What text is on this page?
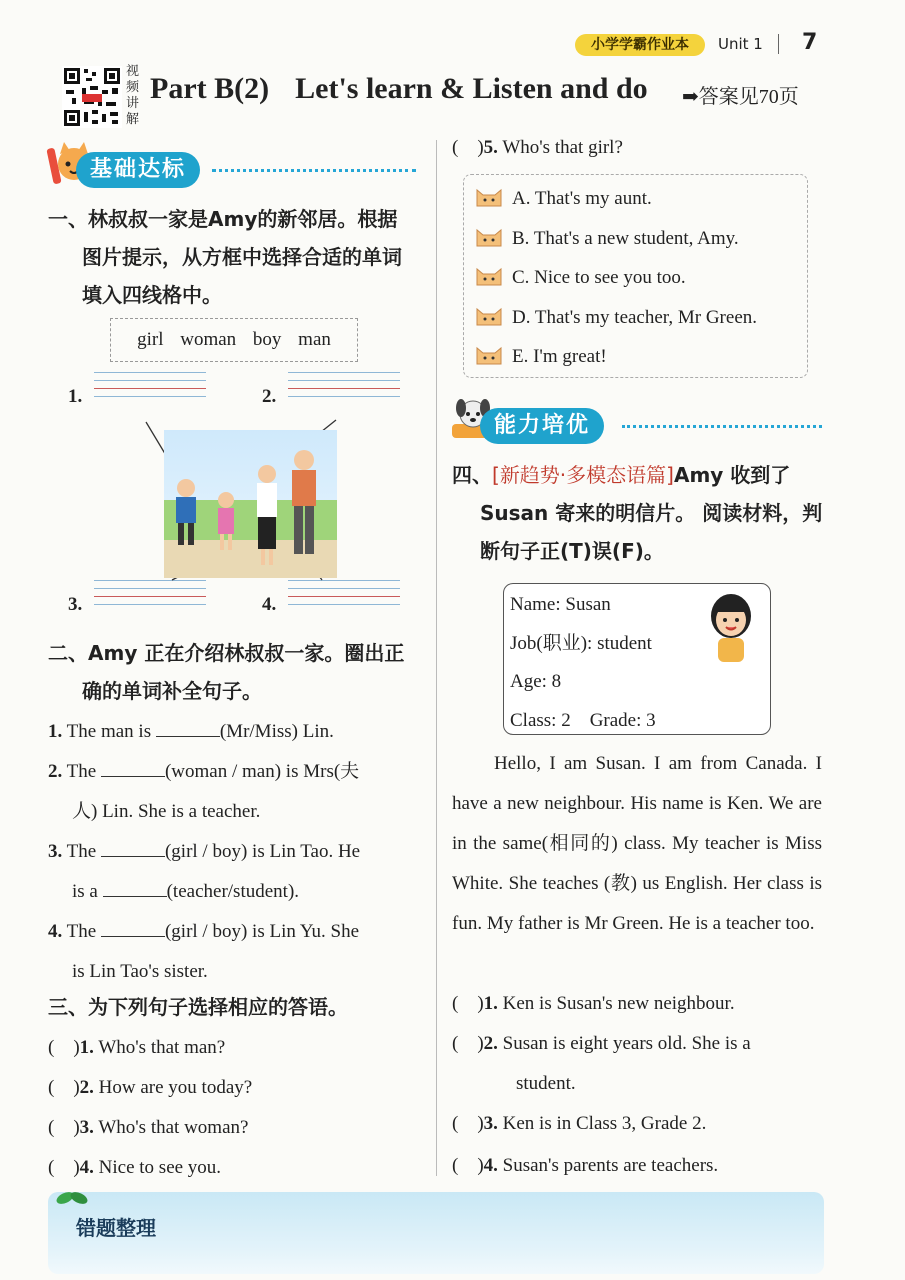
小学学霸作业本	Unit 1 7
视频讲解
Part B(2) Let's learn & Listen and do ➡答案见70页
基础达标
一、林叔叔一家是Amy的新邻居。根据
图片提示，从方框中选择合适的单词
填入四线格中。
girl woman boy man
1.	2.
3.	4.
二、Amy 正在介绍林叔叔一家。圈出正
确的单词补全句子。
1. The man is	(Mr/Miss) Lin.
2. The	(woman / man) is Mrs(夫
人) Lin. She is a teacher.
3. The	(girl / boy) is Lin Tao. He
is a	(teacher/student).
4. The	(girl / boy) is Lin Yu. She
is Lin Tao's sister.
三、为下列句子选择相应的答语。
(    )1. Who's that man?
(    )2. How are you today?
(    )3. Who's that woman?
(    )4. Nice to see you.
(    )5. Who's that girl?
A. That's my aunt.
B. That's a new student, Amy.
C. Nice to see you too.
D. That's my teacher, Mr Green.
E. I'm great!
能力培优
四、[新趋势·多模态语篇]Amy 收到了
Susan 寄来的明信片。 阅读材料，判
断句子正(T)误(F)。
Name: Susan
Job(职业): student
Age: 8
Class: 2 Grade: 3
Hello, I am Susan. I am from Canada. I have a new neighbour. His name is Ken. We are in the same(相同的) class. My teacher is Miss White. She teaches (教) us English. Her class is fun. My father is Mr Green. He is a teacher too.
(    )1. Ken is Susan's new neighbour.
(    )2. Susan is eight years old. She is a
student.
(    )3. Ken is in Class 3, Grade 2.
(    )4. Susan's parents are teachers.
错题整理
